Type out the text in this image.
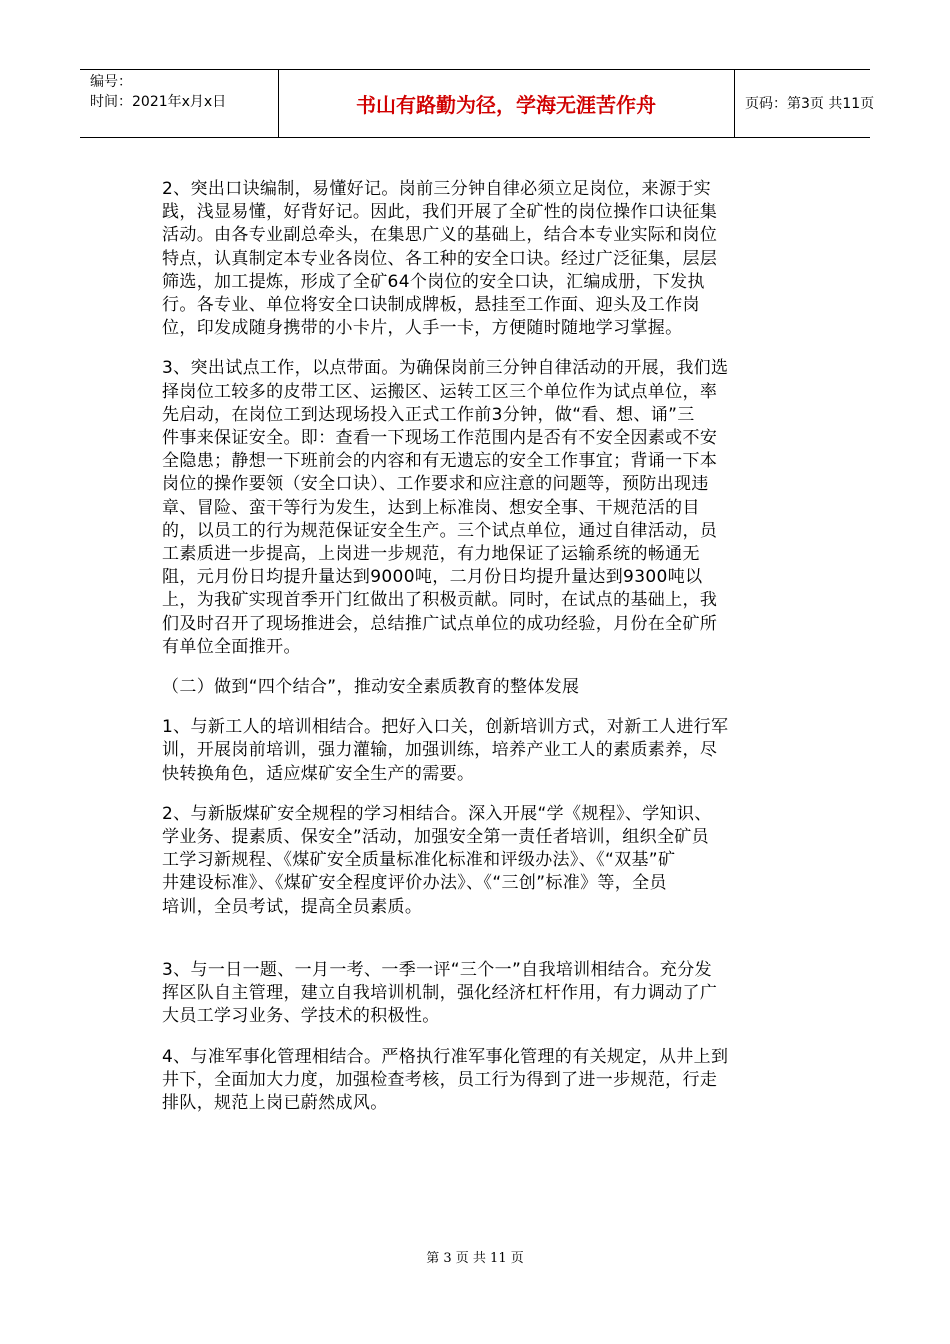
编号：
时间：2021年x月x日	书山有路勤为径，学海无涯苦作舟	页码：第3页 共11页

2、突出口诀编制，易懂好记。岗前三分钟自律必须立足岗位，来源于实
践，浅显易懂，好背好记。因此，我们开展了全矿性的岗位操作口诀征集
活动。由各专业副总牵头，在集思广义的基础上，结合本专业实际和岗位
特点，认真制定本专业各岗位、各工种的安全口诀。经过广泛征集，层层
筛选，加工提炼，形成了全矿64个岗位的安全口诀，汇编成册，下发执
行。各专业、单位将安全口诀制成牌板，悬挂至工作面、迎头及工作岗
位，印发成随身携带的小卡片，人手一卡，方便随时随地学习掌握。

3、突出试点工作，以点带面。为确保岗前三分钟自律活动的开展，我们选
择岗位工较多的皮带工区、运搬区、运转工区三个单位作为试点单位，率
先启动，在岗位工到达现场投入正式工作前3分钟，做“看、想、诵”三
件事来保证安全。即：查看一下现场工作范围内是否有不安全因素或不安
全隐患；静想一下班前会的内容和有无遗忘的安全工作事宜；背诵一下本
岗位的操作要领（安全口诀）、工作要求和应注意的问题等，预防出现违
章、冒险、蛮干等行为发生，达到上标准岗、想安全事、干规范活的目
的，以员工的行为规范保证安全生产。三个试点单位，通过自律活动，员
工素质进一步提高，上岗进一步规范，有力地保证了运输系统的畅通无
阻，元月份日均提升量达到9000吨，二月份日均提升量达到9300吨以
上，为我矿实现首季开门红做出了积极贡献。同时，在试点的基础上，我
们及时召开了现场推进会，总结推广试点单位的成功经验，月份在全矿所
有单位全面推开。

（二）做到“四个结合”，推动安全素质教育的整体发展

1、与新工人的培训相结合。把好入口关，创新培训方式，对新工人进行军
训，开展岗前培训，强力灌输，加强训练，培养产业工人的素质素养，尽
快转换角色，适应煤矿安全生产的需要。

2、与新版煤矿安全规程的学习相结合。深入开展“学《规程》、学知识、
学业务、提素质、保安全”活动，加强安全第一责任者培训，组织全矿员
工学习新规程、《煤矿安全质量标准化标准和评级办法》、《“双基”矿
井建设标准》、《煤矿安全程度评价办法》、《“三创”标准》等，全员
培训，全员考试，提高全员素质。

3、与一日一题、一月一考、一季一评“三个一”自我培训相结合。充分发
挥区队自主管理，建立自我培训机制，强化经济杠杆作用，有力调动了广
大员工学习业务、学技术的积极性。

4、与准军事化管理相结合。严格执行准军事化管理的有关规定，从井上到
井下，全面加大力度，加强检查考核，员工行为得到了进一步规范，行走
排队，规范上岗已蔚然成风。

第 3 页 共 11 页
